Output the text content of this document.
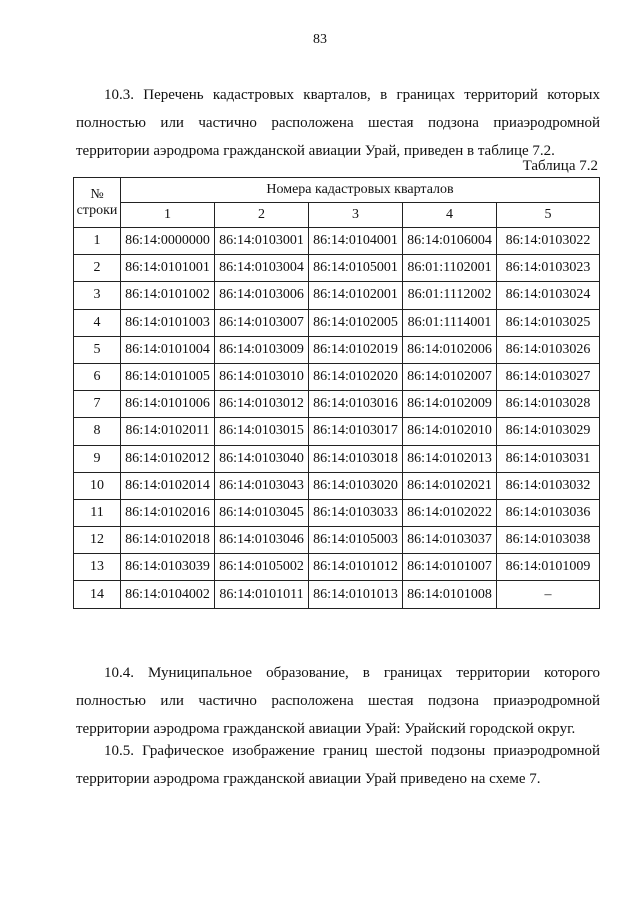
83

10.3. Перечень кадастровых кварталов, в границах территорий которых полностью или частично расположена шестая подзона приаэродромной территории аэродрома гражданской авиации Урай, приведен в таблице 7.2.

Таблица 7.2
№
строки	Номера кадастровых кварталов				
	1	2	3	4	5
1	86:14:0000000	86:14:0103001	86:14:0104001	86:14:0106004	86:14:0103022
2	86:14:0101001	86:14:0103004	86:14:0105001	86:01:1102001	86:14:0103023
3	86:14:0101002	86:14:0103006	86:14:0102001	86:01:1112002	86:14:0103024
4	86:14:0101003	86:14:0103007	86:14:0102005	86:01:1114001	86:14:0103025
5	86:14:0101004	86:14:0103009	86:14:0102019	86:14:0102006	86:14:0103026
6	86:14:0101005	86:14:0103010	86:14:0102020	86:14:0102007	86:14:0103027
7	86:14:0101006	86:14:0103012	86:14:0103016	86:14:0102009	86:14:0103028
8	86:14:0102011	86:14:0103015	86:14:0103017	86:14:0102010	86:14:0103029
9	86:14:0102012	86:14:0103040	86:14:0103018	86:14:0102013	86:14:0103031
10	86:14:0102014	86:14:0103043	86:14:0103020	86:14:0102021	86:14:0103032
11	86:14:0102016	86:14:0103045	86:14:0103033	86:14:0102022	86:14:0103036
12	86:14:0102018	86:14:0103046	86:14:0105003	86:14:0103037	86:14:0103038
13	86:14:0103039	86:14:0105002	86:14:0101012	86:14:0101007	86:14:0101009
14	86:14:0104002	86:14:0101011	86:14:0101013	86:14:0101008	–

10.4. Муниципальное образование, в границах территории которого полностью или частично расположена шестая подзона приаэродромной территории аэродрома гражданской авиации Урай: Урайский городской округ.

10.5. Графическое изображение границ шестой подзоны приаэродромной территории аэродрома гражданской авиации Урай приведено на схеме 7.
